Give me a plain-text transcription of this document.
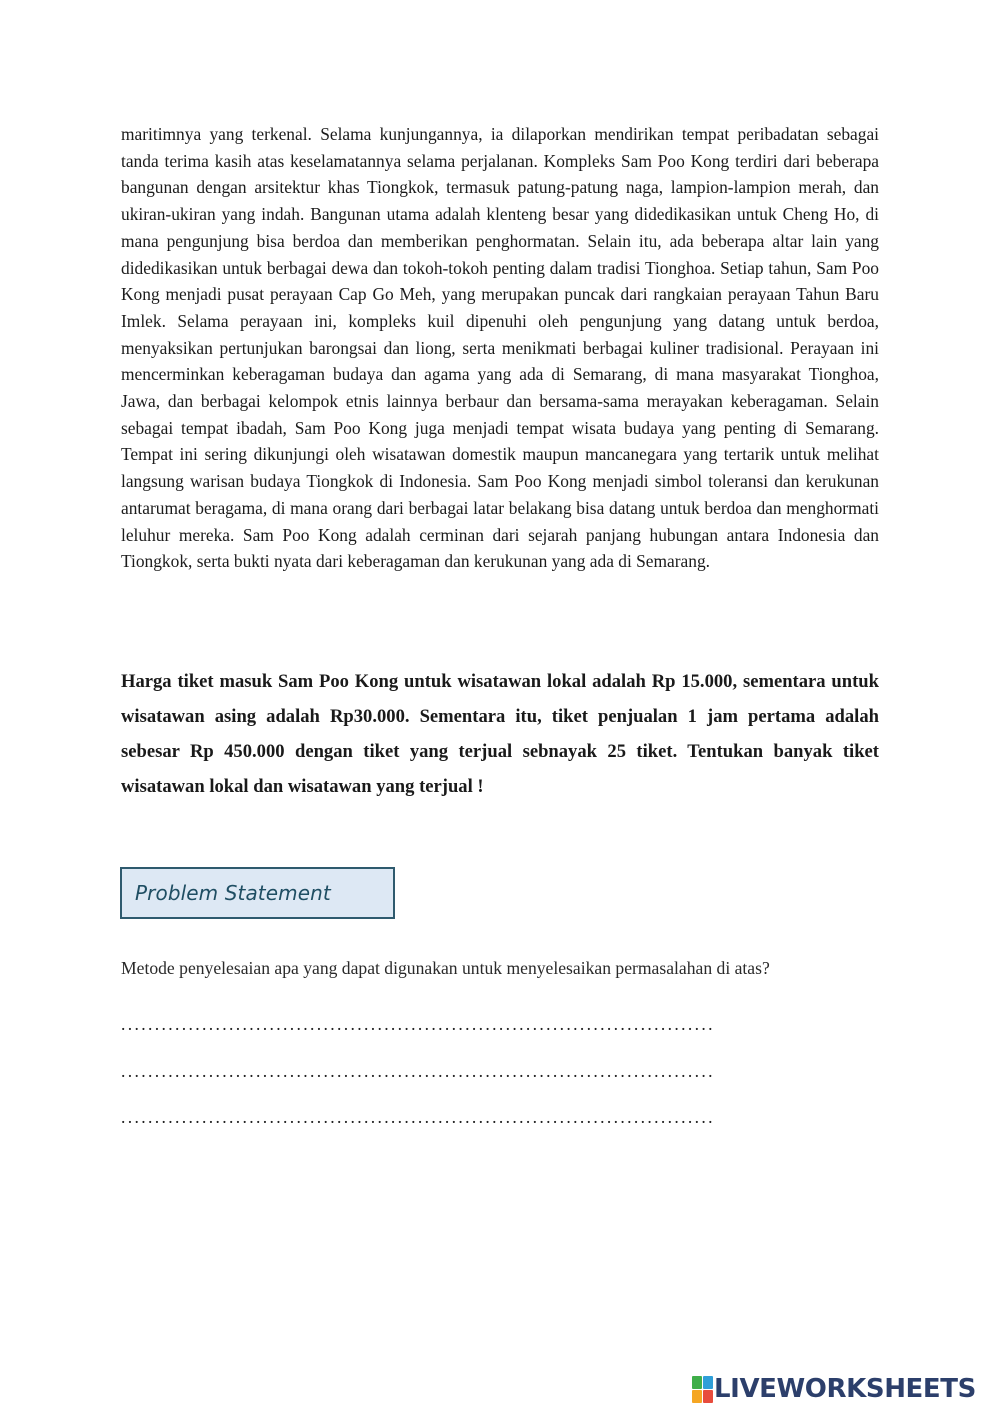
maritimnya yang terkenal. Selama kunjungannya, ia dilaporkan mendirikan tempat peribadatan sebagai tanda terima kasih atas keselamatannya selama perjalanan. Kompleks Sam Poo Kong terdiri dari beberapa bangunan dengan arsitektur khas Tiongkok, termasuk patung-patung naga, lampion-lampion merah, dan ukiran-ukiran yang indah. Bangunan utama adalah klenteng besar yang didedikasikan untuk Cheng Ho, di mana pengunjung bisa berdoa dan memberikan penghormatan. Selain itu, ada beberapa altar lain yang didedikasikan untuk berbagai dewa dan tokoh-tokoh penting dalam tradisi Tionghoa. Setiap tahun, Sam Poo Kong menjadi pusat perayaan Cap Go Meh, yang merupakan puncak dari rangkaian perayaan Tahun Baru Imlek. Selama perayaan ini, kompleks kuil dipenuhi oleh pengunjung yang datang untuk berdoa, menyaksikan pertunjukan barongsai dan liong, serta menikmati berbagai kuliner tradisional. Perayaan ini mencerminkan keberagaman budaya dan agama yang ada di Semarang, di mana masyarakat Tionghoa, Jawa, dan berbagai kelompok etnis lainnya berbaur dan bersama-sama merayakan keberagaman. Selain sebagai tempat ibadah, Sam Poo Kong juga menjadi tempat wisata budaya yang penting di Semarang. Tempat ini sering dikunjungi oleh wisatawan domestik maupun mancanegara yang tertarik untuk melihat langsung warisan budaya Tiongkok di Indonesia. Sam Poo Kong menjadi simbol toleransi dan kerukunan antarumat beragama, di mana orang dari berbagai latar belakang bisa datang untuk berdoa dan menghormati leluhur mereka. Sam Poo Kong adalah cerminan dari sejarah panjang hubungan antara Indonesia dan Tiongkok, serta bukti nyata dari keberagaman dan kerukunan yang ada di Semarang.

Harga tiket masuk Sam Poo Kong untuk wisatawan lokal adalah Rp 15.000, sementara untuk wisatawan asing adalah Rp30.000. Sementara itu, tiket penjualan 1 jam pertama adalah sebesar Rp 450.000 dengan tiket yang terjual sebnayak 25 tiket. Tentukan banyak tiket wisatawan lokal dan wisatawan yang terjual !

Problem Statement

Metode penyelesaian apa yang dapat digunakan untuk menyelesaikan permasalahan di atas?

........................................................................................
........................................................................................
........................................................................................
LIVEWORKSHEETS
